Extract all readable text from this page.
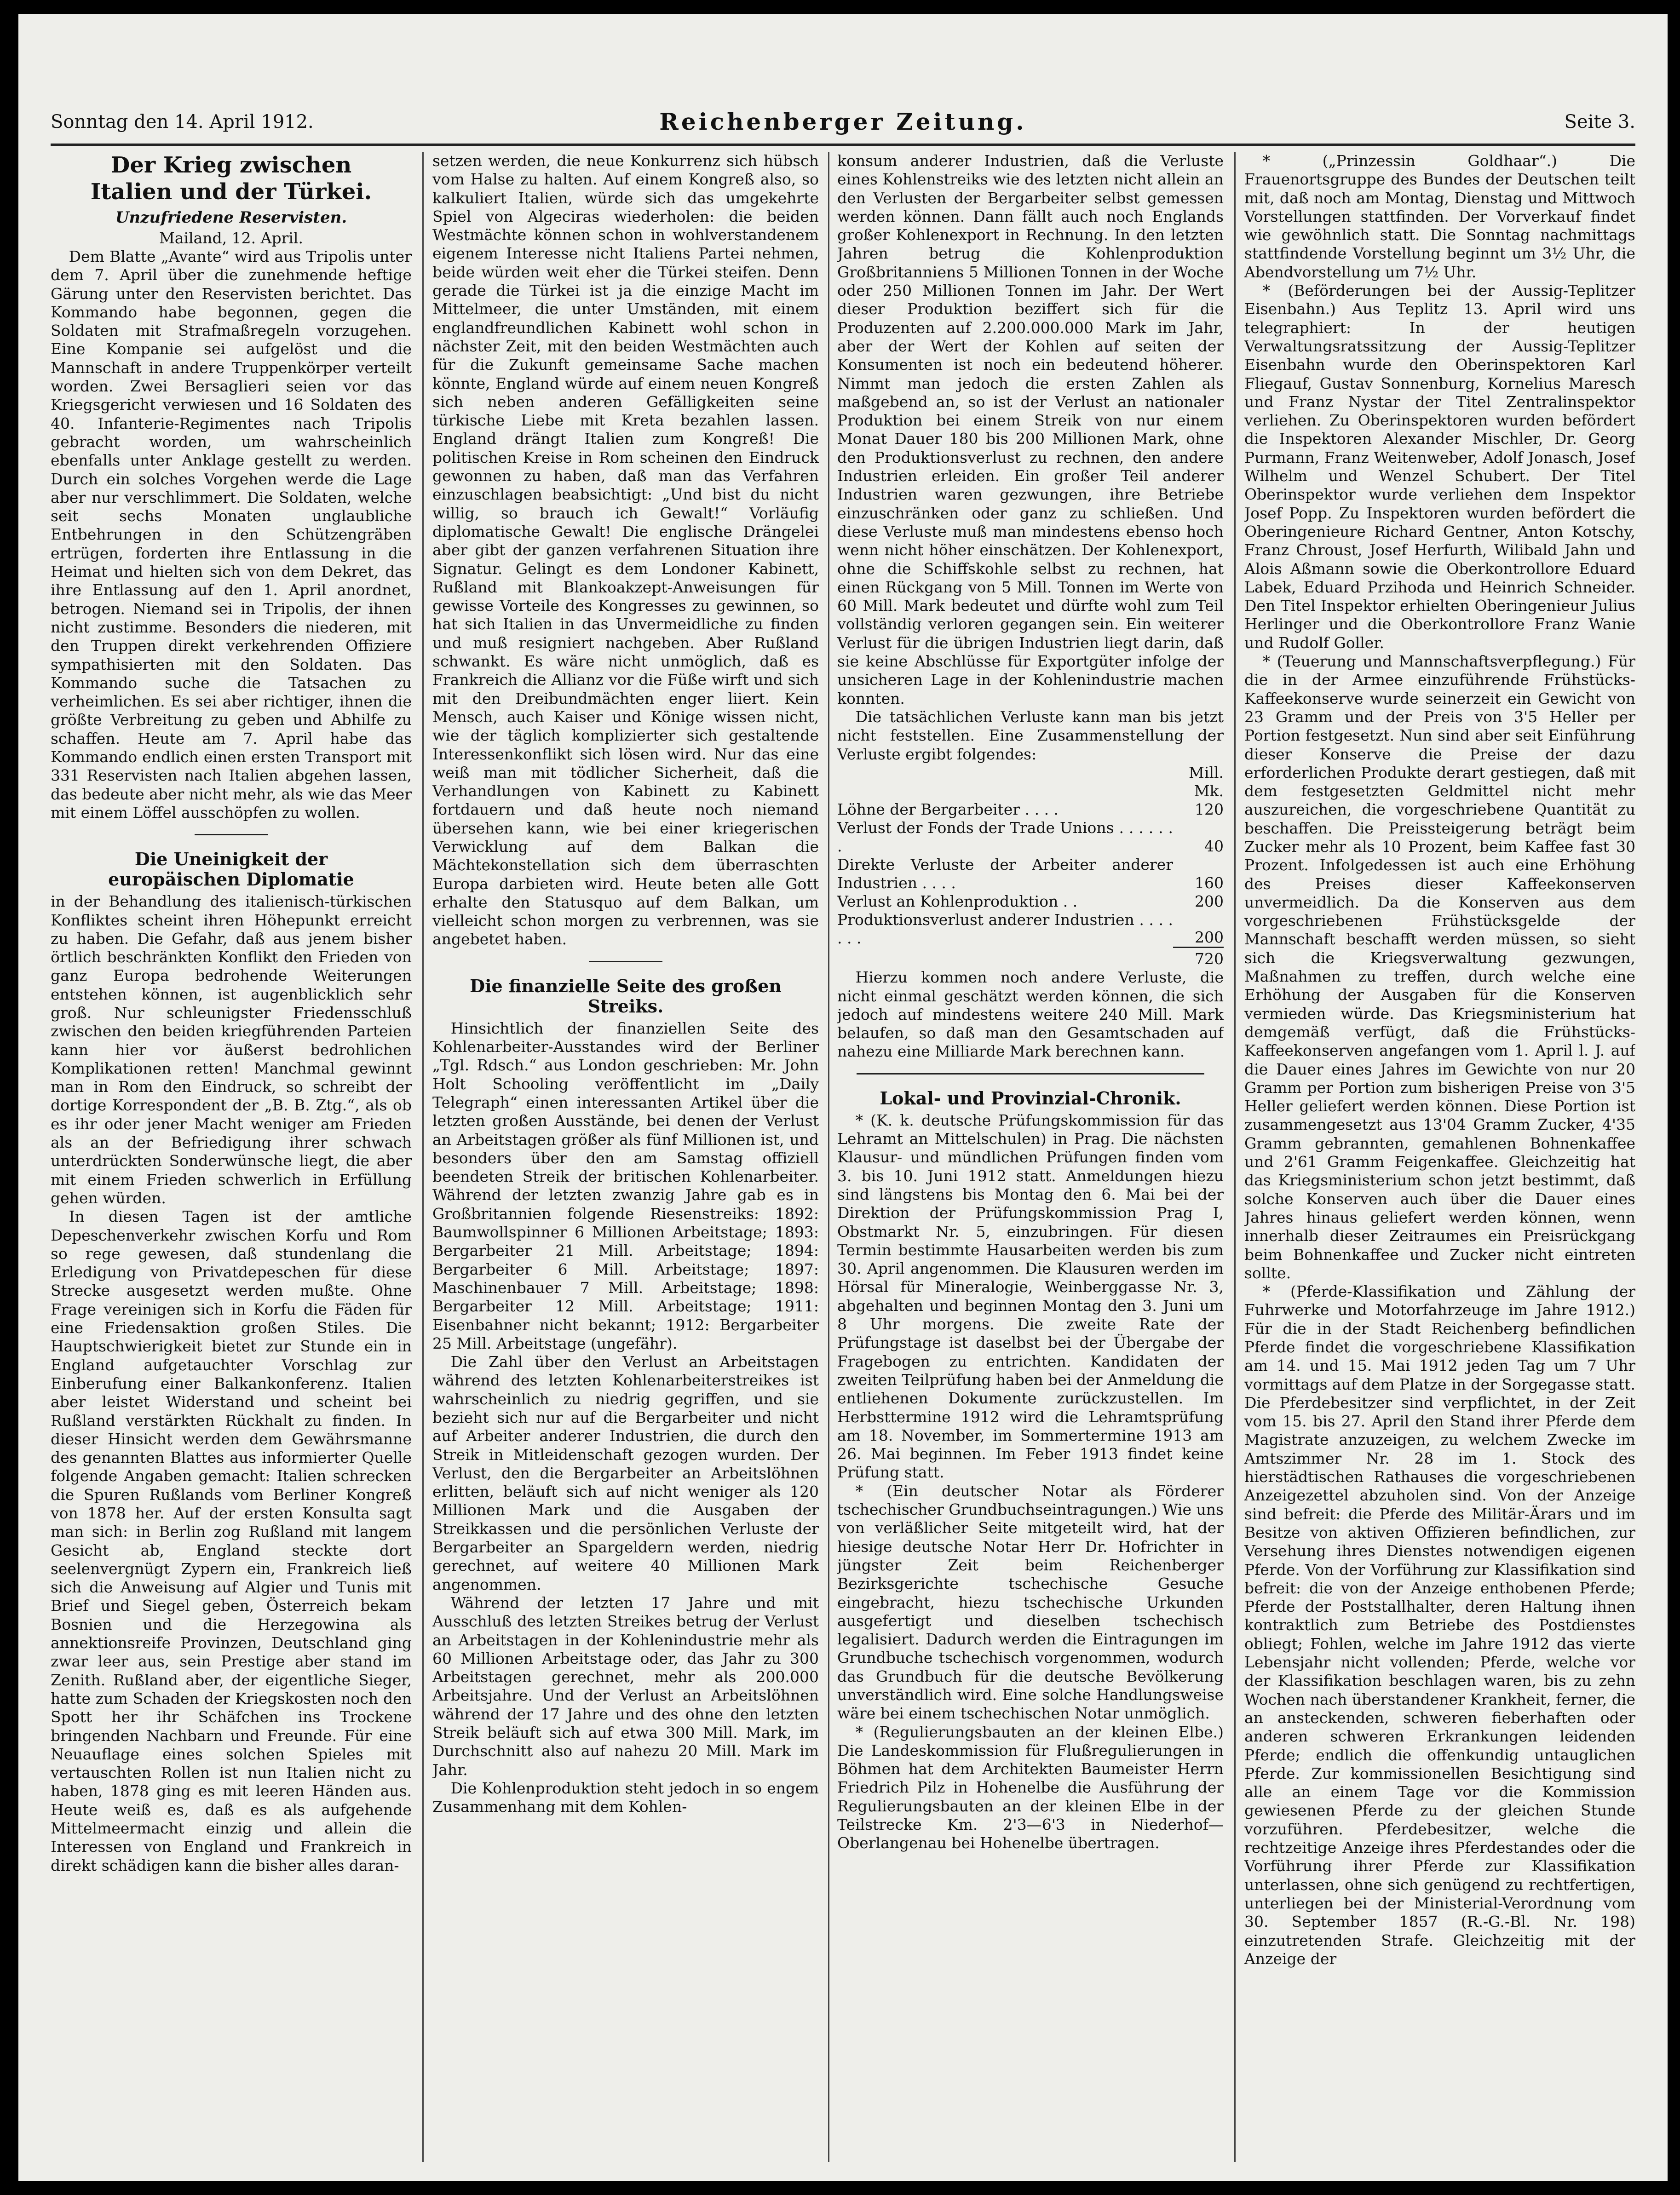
Sonntag den 14. April 1912.	Reichenberger Zeitung.	Seite 3.
Der Krieg zwischen
Italien und der Türkei.
Unzufriedene Reservisten.
Mailand, 12. April.

Dem Blatte „Avante“ wird aus Tripolis unter dem 7. April über die zunehmende heftige Gärung unter den Reservisten berichtet. Das Kommando habe begonnen, gegen die Soldaten mit Strafmaßregeln vorzugehen. Eine Kompanie sei aufgelöst und die Mannschaft in andere Truppenkörper verteilt worden. Zwei Bersaglieri seien vor das Kriegsgericht verwiesen und 16 Soldaten des 40. Infanterie-Regimentes nach Tripolis gebracht worden, um wahrscheinlich ebenfalls unter Anklage gestellt zu werden. Durch ein solches Vorgehen werde die Lage aber nur verschlimmert. Die Soldaten, welche seit sechs Monaten unglaubliche Entbehrungen in den Schützengräben ertrügen, forderten ihre Entlassung in die Heimat und hielten sich von dem Dekret, das ihre Entlassung auf den 1. April anordnet, betrogen. Niemand sei in Tripolis, der ihnen nicht zustimme. Besonders die niederen, mit den Truppen direkt verkehrenden Offiziere sympathisierten mit den Soldaten. Das Kommando suche die Tatsachen zu verheimlichen. Es sei aber richtiger, ihnen die größte Verbreitung zu geben und Abhilfe zu schaffen. Heute am 7. April habe das Kommando endlich einen ersten Transport mit 331 Reservisten nach Italien abgehen lassen, das bedeute aber nicht mehr, als wie das Meer mit einem Löffel ausschöpfen zu wollen.

Die Uneinigkeit der
europäischen Diplomatie

in der Behandlung des italienisch-türkischen Konfliktes scheint ihren Höhepunkt erreicht zu haben. Die Gefahr, daß aus jenem bisher örtlich beschränkten Konflikt den Frieden von ganz Europa bedrohende Weiterungen entstehen können, ist augenblicklich sehr groß. Nur schleunigster Friedensschluß zwischen den beiden kriegführenden Parteien kann hier vor äußerst bedrohlichen Komplikationen retten! Manchmal gewinnt man in Rom den Eindruck, so schreibt der dortige Korrespondent der „B. B. Ztg.“, als ob es ihr oder jener Macht weniger am Frieden als an der Befriedigung ihrer schwach unterdrückten Sonderwünsche liegt, die aber mit einem Frieden schwerlich in Erfüllung gehen würden.

In diesen Tagen ist der amtliche Depeschenverkehr zwischen Korfu und Rom so rege gewesen, daß stundenlang die Erledigung von Privatdepeschen für diese Strecke ausgesetzt werden mußte. Ohne Frage vereinigen sich in Korfu die Fäden für eine Friedensaktion großen Stiles. Die Hauptschwierigkeit bietet zur Stunde ein in England aufgetauchter Vorschlag zur Einberufung einer Balkankonferenz. Italien aber leistet Widerstand und scheint bei Rußland verstärkten Rückhalt zu finden. In dieser Hinsicht werden dem Gewährsmanne des genannten Blattes aus informierter Quelle folgende Angaben gemacht: Italien schrecken die Spuren Rußlands vom Berliner Kongreß von 1878 her. Auf der ersten Konsulta sagt man sich: in Berlin zog Rußland mit langem Gesicht ab, England steckte dort seelenvergnügt Zypern ein, Frankreich ließ sich die Anweisung auf Algier und Tunis mit Brief und Siegel geben, Österreich bekam Bosnien und die Herzegowina als annektionsreife Provinzen, Deutschland ging zwar leer aus, sein Prestige aber stand im Zenith. Rußland aber, der eigentliche Sieger, hatte zum Schaden der Kriegskosten noch den Spott her ihr Schäfchen ins Trockene bringenden Nachbarn und Freunde. Für eine Neuauflage eines solchen Spieles mit vertauschten Rollen ist nun Italien nicht zu haben, 1878 ging es mit leeren Händen aus. Heute weiß es, daß es als aufgehende Mittelmeermacht einzig und allein die Interessen von England und Frankreich in direkt schädigen kann die bisher alles daran-

setzen werden, die neue Konkurrenz sich hübsch vom Halse zu halten. Auf einem Kongreß also, so kalkuliert Italien, würde sich das umgekehrte Spiel von Algeciras wiederholen: die beiden Westmächte können schon in wohlverstandenem eigenem Interesse nicht Italiens Partei nehmen, beide würden weit eher die Türkei steifen. Denn gerade die Türkei ist ja die einzige Macht im Mittelmeer, die unter Umständen, mit einem englandfreundlichen Kabinett wohl schon in nächster Zeit, mit den beiden Westmächten auch für die Zukunft gemeinsame Sache machen könnte, England würde auf einem neuen Kongreß sich neben anderen Gefälligkeiten seine türkische Liebe mit Kreta bezahlen lassen. England drängt Italien zum Kongreß! Die politischen Kreise in Rom scheinen den Eindruck gewonnen zu haben, daß man das Verfahren einzuschlagen beabsichtigt: „Und bist du nicht willig, so brauch ich Gewalt!“ Vorläufig diplomatische Gewalt! Die englische Drängelei aber gibt der ganzen verfahrenen Situation ihre Signatur. Gelingt es dem Londoner Kabinett, Rußland mit Blankoakzept-Anweisungen für gewisse Vorteile des Kongresses zu gewinnen, so hat sich Italien in das Unvermeidliche zu finden und muß resigniert nachgeben. Aber Rußland schwankt. Es wäre nicht unmöglich, daß es Frankreich die Allianz vor die Füße wirft und sich mit den Dreibundmächten enger liiert. Kein Mensch, auch Kaiser und Könige wissen nicht, wie der täglich komplizierter sich gestaltende Interessenkonflikt sich lösen wird. Nur das eine weiß man mit tödlicher Sicherheit, daß die Verhandlungen von Kabinett zu Kabinett fortdauern und daß heute noch niemand übersehen kann, wie bei einer kriegerischen Verwicklung auf dem Balkan die Mächtekonstellation sich dem überraschten Europa darbieten wird. Heute beten alle Gott erhalte den Statusquo auf dem Balkan, um vielleicht schon morgen zu verbrennen, was sie angebetet haben.

Die finanzielle Seite des großen Streiks.

Hinsichtlich der finanziellen Seite des Kohlenarbeiter-Ausstandes wird der Berliner „Tgl. Rdsch.“ aus London geschrieben: Mr. John Holt Schooling veröffentlicht im „Daily Telegraph“ einen interessanten Artikel über die letzten großen Ausstände, bei denen der Verlust an Arbeitstagen größer als fünf Millionen ist, und besonders über den am Samstag offiziell beendeten Streik der britischen Kohlenarbeiter. Während der letzten zwanzig Jahre gab es in Großbritannien folgende Riesenstreiks: 1892: Baumwollspinner 6 Millionen Arbeitstage; 1893: Bergarbeiter 21 Mill. Arbeitstage; 1894: Bergarbeiter 6 Mill. Arbeitstage; 1897: Maschinenbauer 7 Mill. Arbeitstage; 1898: Bergarbeiter 12 Mill. Arbeitstage; 1911: Eisenbahner nicht bekannt; 1912: Bergarbeiter 25 Mill. Arbeitstage (ungefähr).

Die Zahl über den Verlust an Arbeitstagen während des letzten Kohlenarbeiterstreikes ist wahrscheinlich zu niedrig gegriffen, und sie bezieht sich nur auf die Bergarbeiter und nicht auf Arbeiter anderer Industrien, die durch den Streik in Mitleidenschaft gezogen wurden. Der Verlust, den die Bergarbeiter an Arbeitslöhnen erlitten, beläuft sich auf nicht weniger als 120 Millionen Mark und die Ausgaben der Streikkassen und die persönlichen Verluste der Bergarbeiter an Spargeldern werden, niedrig gerechnet, auf weitere 40 Millionen Mark angenommen.

Während der letzten 17 Jahre und mit Ausschluß des letzten Streikes betrug der Verlust an Arbeitstagen in der Kohlenindustrie mehr als 60 Millionen Arbeitstage oder, das Jahr zu 300 Arbeitstagen gerechnet, mehr als 200.000 Arbeitsjahre. Und der Verlust an Arbeitslöhnen während der 17 Jahre und des ohne den letzten Streik beläuft sich auf etwa 300 Mill. Mark, im Durchschnitt also auf nahezu 20 Mill. Mark im Jahr.

Die Kohlenproduktion steht jedoch in so engem Zusammenhang mit dem Kohlen-

konsum anderer Industrien, daß die Verluste eines Kohlenstreiks wie des letzten nicht allein an den Verlusten der Bergarbeiter selbst gemessen werden können. Dann fällt auch noch Englands großer Kohlenexport in Rechnung. In den letzten Jahren betrug die Kohlenproduktion Großbritanniens 5 Millionen Tonnen in der Woche oder 250 Millionen Tonnen im Jahr. Der Wert dieser Produktion beziffert sich für die Produzenten auf 2.200.000.000 Mark im Jahr, aber der Wert der Kohlen auf seiten der Konsumenten ist noch ein bedeutend höherer. Nimmt man jedoch die ersten Zahlen als maßgebend an, so ist der Verlust an nationaler Produktion bei einem Streik von nur einem Monat Dauer 180 bis 200 Millionen Mark, ohne den Produktionsverlust zu rechnen, den andere Industrien erleiden. Ein großer Teil anderer Industrien waren gezwungen, ihre Betriebe einzuschränken oder ganz zu schließen. Und diese Verluste muß man mindestens ebenso hoch wenn nicht höher einschätzen. Der Kohlenexport, ohne die Schiffskohle selbst zu rechnen, hat einen Rückgang von 5 Mill. Tonnen im Werte von 60 Mill. Mark bedeutet und dürfte wohl zum Teil vollständig verloren gegangen sein. Ein weiterer Verlust für die übrigen Industrien liegt darin, daß sie keine Abschlüsse für Exportgüter infolge der unsicheren Lage in der Kohlenindustrie machen konnten.

Die tatsächlichen Verluste kann man bis jetzt nicht feststellen. Eine Zusammenstellung der Verluste ergibt folgendes:

	Mill. Mk.
Löhne der Bergarbeiter . . . .	120
Verlust der Fonds der Trade Unions . . . . . . .	40
Direkte Verluste der Arbeiter anderer Industrien . . . .	160
Verlust an Kohlenproduktion . .	200
Produktionsverlust anderer Industrien . . . . . . .	200
	720

Hierzu kommen noch andere Verluste, die nicht einmal geschätzt werden können, die sich jedoch auf mindestens weitere 240 Mill. Mark belaufen, so daß man den Gesamtschaden auf nahezu eine Milliarde Mark berechnen kann.

Lokal- und Provinzial-Chronik.

* (K. k. deutsche Prüfungskommission für das Lehramt an Mittelschulen) in Prag. Die nächsten Klausur- und mündlichen Prüfungen finden vom 3. bis 10. Juni 1912 statt. Anmeldungen hiezu sind längstens bis Montag den 6. Mai bei der Direktion der Prüfungskommission Prag I, Obstmarkt Nr. 5, einzubringen. Für diesen Termin bestimmte Hausarbeiten werden bis zum 30. April angenommen. Die Klausuren werden im Hörsal für Mineralogie, Weinberggasse Nr. 3, abgehalten und beginnen Montag den 3. Juni um 8 Uhr morgens. Die zweite Rate der Prüfungstage ist daselbst bei der Übergabe der Fragebogen zu entrichten. Kandidaten der zweiten Teilprüfung haben bei der Anmeldung die entliehenen Dokumente zurückzustellen. Im Herbsttermine 1912 wird die Lehramtsprüfung am 18. November, im Sommertermine 1913 am 26. Mai beginnen. Im Feber 1913 findet keine Prüfung statt.

* (Ein deutscher Notar als Förderer tschechischer Grundbuchseintragungen.) Wie uns von verläßlicher Seite mitgeteilt wird, hat der hiesige deutsche Notar Herr Dr. Hofrichter in jüngster Zeit beim Reichenberger Bezirksgerichte tschechische Gesuche eingebracht, hiezu tschechische Urkunden ausgefertigt und dieselben tschechisch legalisiert. Dadurch werden die Eintragungen im Grundbuche tschechisch vorgenommen, wodurch das Grundbuch für die deutsche Bevölkerung unverständlich wird. Eine solche Handlungsweise wäre bei einem tschechischen Notar unmöglich.

* (Regulierungsbauten an der kleinen Elbe.) Die Landeskommission für Flußregulierungen in Böhmen hat dem Architekten Baumeister Herrn Friedrich Pilz in Hohenelbe die Ausführung der Regulierungsbauten an der kleinen Elbe in der Teilstrecke Km. 2'3—6'3 in Niederhof—Oberlangenau bei Hohenelbe übertragen.

* („Prinzessin Goldhaar“.) Die Frauenortsgruppe des Bundes der Deutschen teilt mit, daß noch am Montag, Dienstag und Mittwoch Vorstellungen stattfinden. Der Vorverkauf findet wie gewöhnlich statt. Die Sonntag nachmittags stattfindende Vorstellung beginnt um 3½ Uhr, die Abendvorstellung um 7½ Uhr.

* (Beförderungen bei der Aussig-Teplitzer Eisenbahn.) Aus Teplitz 13. April wird uns telegraphiert: In der heutigen Verwaltungsratssitzung der Aussig-Teplitzer Eisenbahn wurde den Oberinspektoren Karl Fliegauf, Gustav Sonnenburg, Kornelius Maresch und Franz Nystar der Titel Zentralinspektor verliehen. Zu Oberinspektoren wurden befördert die Inspektoren Alexander Mischler, Dr. Georg Purmann, Franz Weitenweber, Adolf Jonasch, Josef Wilhelm und Wenzel Schubert. Der Titel Oberinspektor wurde verliehen dem Inspektor Josef Popp. Zu Inspektoren wurden befördert die Oberingenieure Richard Gentner, Anton Kotschy, Franz Chroust, Josef Herfurth, Wilibald Jahn und Alois Aßmann sowie die Oberkontrollore Eduard Labek, Eduard Przihoda und Heinrich Schneider. Den Titel Inspektor erhielten Oberingenieur Julius Herlinger und die Oberkontrollore Franz Wanie und Rudolf Goller.

* (Teuerung und Mannschaftsverpflegung.) Für die in der Armee einzuführende Frühstücks-Kaffeekonserve wurde seinerzeit ein Gewicht von 23 Gramm und der Preis von 3'5 Heller per Portion festgesetzt. Nun sind aber seit Einführung dieser Konserve die Preise der dazu erforderlichen Produkte derart gestiegen, daß mit dem festgesetzten Geldmittel nicht mehr auszureichen, die vorgeschriebene Quantität zu beschaffen. Die Preissteigerung beträgt beim Zucker mehr als 10 Prozent, beim Kaffee fast 30 Prozent. Infolgedessen ist auch eine Erhöhung des Preises dieser Kaffeekonserven unvermeidlich. Da die Konserven aus dem vorgeschriebenen Frühstücksgelde der Mannschaft beschafft werden müssen, so sieht sich die Kriegsverwaltung gezwungen, Maßnahmen zu treffen, durch welche eine Erhöhung der Ausgaben für die Konserven vermieden würde. Das Kriegsministerium hat demgemäß verfügt, daß die Frühstücks-Kaffeekonserven angefangen vom 1. April l. J. auf die Dauer eines Jahres im Gewichte von nur 20 Gramm per Portion zum bisherigen Preise von 3'5 Heller geliefert werden können. Diese Portion ist zusammengesetzt aus 13'04 Gramm Zucker, 4'35 Gramm gebrannten, gemahlenen Bohnenkaffee und 2'61 Gramm Feigenkaffee. Gleichzeitig hat das Kriegsministerium schon jetzt bestimmt, daß solche Konserven auch über die Dauer eines Jahres hinaus geliefert werden können, wenn innerhalb dieser Zeitraumes ein Preisrückgang beim Bohnenkaffee und Zucker nicht eintreten sollte.

* (Pferde-Klassifikation und Zählung der Fuhrwerke und Motorfahrzeuge im Jahre 1912.) Für die in der Stadt Reichenberg befindlichen Pferde findet die vorgeschriebene Klassifikation am 14. und 15. Mai 1912 jeden Tag um 7 Uhr vormittags auf dem Platze in der Sorgegasse statt. Die Pferdebesitzer sind verpflichtet, in der Zeit vom 15. bis 27. April den Stand ihrer Pferde dem Magistrate anzuzeigen, zu welchem Zwecke im Amtszimmer Nr. 28 im 1. Stock des hierstädtischen Rathauses die vorgeschriebenen Anzeigezettel abzuholen sind. Von der Anzeige sind befreit: die Pferde des Militär-Ärars und im Besitze von aktiven Offizieren befindlichen, zur Versehung ihres Dienstes notwendigen eigenen Pferde. Von der Vorführung zur Klassifikation sind befreit: die von der Anzeige enthobenen Pferde; Pferde der Poststallhalter, deren Haltung ihnen kontraktlich zum Betriebe des Postdienstes obliegt; Fohlen, welche im Jahre 1912 das vierte Lebensjahr nicht vollenden; Pferde, welche vor der Klassifikation beschlagen waren, bis zu zehn Wochen nach überstandener Krankheit, ferner, die an ansteckenden, schweren fieberhaften oder anderen schweren Erkrankungen leidenden Pferde; endlich die offenkundig untauglichen Pferde. Zur kommissionellen Besichtigung sind alle an einem Tage vor die Kommission gewiesenen Pferde zu der gleichen Stunde vorzuführen. Pferdebesitzer, welche die rechtzeitige Anzeige ihres Pferdestandes oder die Vorführung ihrer Pferde zur Klassifikation unterlassen, ohne sich genügend zu rechtfertigen, unterliegen bei der Ministerial-Verordnung vom 30. September 1857 (R.-G.-Bl. Nr. 198) einzutretenden Strafe. Gleichzeitig mit der Anzeige der
